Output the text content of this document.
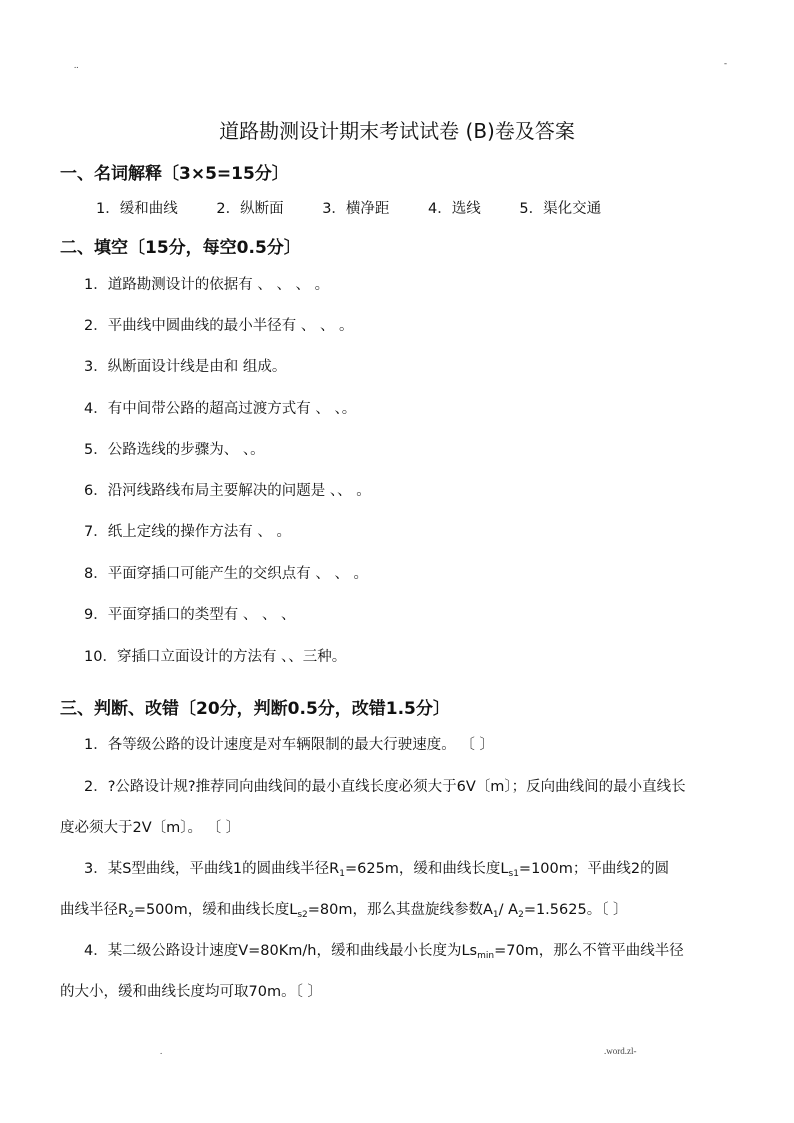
..	-
道路勘测设计期末考试试卷 (B)卷及答案
一、名词解释〔3×5=15分〕
1．缓和曲线	2．纵断面	3．横净距	4．选线	5．渠化交通
二、填空〔15分，每空0.5分〕
1．道路勘测设计的依据有 、 、 、 。
2．平曲线中圆曲线的最小半径有 、 、 。
3．纵断面设计线是由和 组成。
4．有中间带公路的超高过渡方式有 、 、。
5．公路选线的步骤为、 、。
6．沿河线路线布局主要解决的问题是 、、 。
7．纸上定线的操作方法有 、 。
8．平面穿插口可能产生的交织点有 、 、 。
9．平面穿插口的类型有 、 、 、
10．穿插口立面设计的方法有 、、三种。
三、判断、改错〔20分，判断0.5分，改错1.5分〕
1．各等级公路的设计速度是对车辆限制的最大行驶速度。 〔 〕
2．?公路设计规?推荐同向曲线间的最小直线长度必须大于6V〔m〕；反向曲线间的最小直线长
度必须大于2V〔m〕。 〔 〕
3．某S型曲线，平曲线1的圆曲线半径$R_1=625m$，缓和曲线长度$L_{s1}=100m$；平曲线2的圆
曲线半径$R_2=500m$，缓和曲线长度$L_{s2}=80m$，那么其盘旋线参数$A_1/$ $A_2=1.5625$。〔 〕
4．某二级公路设计速度V=80Km/h，缓和曲线最小长度为$Ls_{min}=70m$，那么不管平曲线半径
的大小，缓和曲线长度均可取70m。〔 〕
.	.word.zl-
